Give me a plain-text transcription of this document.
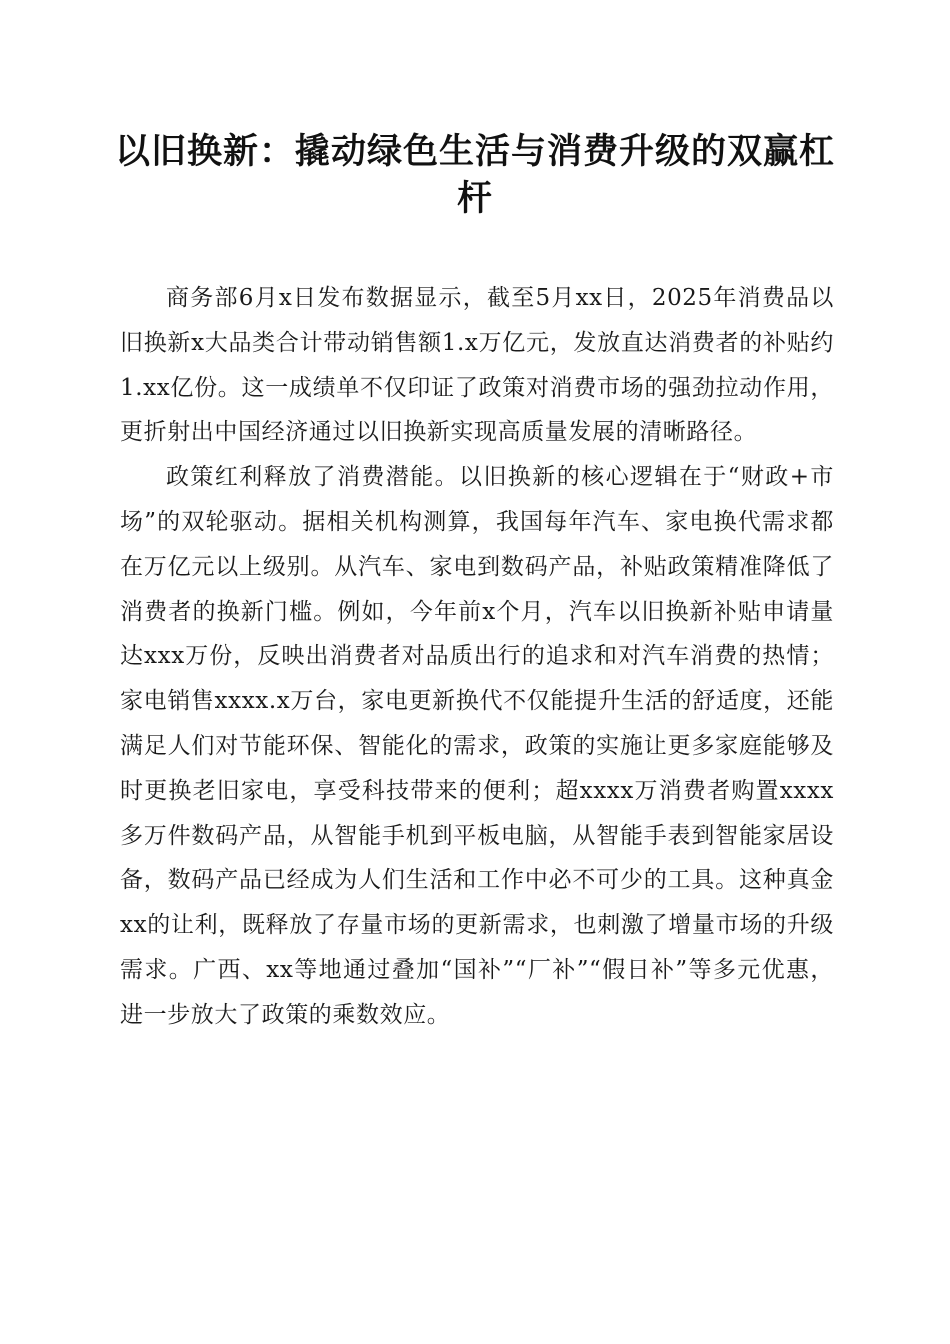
以旧换新：撬动绿色生活与消费升级的双赢杠杆

商务部6月x日发布数据显示，截至5月xx日，2025年消费品以旧换新x大品类合计带动销售额1.x万亿元，发放直达消费者的补贴约1.xx亿份。这一成绩单不仅印证了政策对消费市场的强劲拉动作用，更折射出中国经济通过以旧换新实现高质量发展的清晰路径。

政策红利释放了消费潜能。以旧换新的核心逻辑在于“财政+市场”的双轮驱动。据相关机构测算，我国每年汽车、家电换代需求都在万亿元以上级别。从汽车、家电到数码产品，补贴政策精准降低了消费者的换新门槛。例如，今年前x个月，汽车以旧换新补贴申请量达xxx万份，反映出消费者对品质出行的追求和对汽车消费的热情；家电销售xxxx.x万台，家电更新换代不仅能提升生活的舒适度，还能满足人们对节能环保、智能化的需求，政策的实施让更多家庭能够及时更换老旧家电，享受科技带来的便利；超xxxx万消费者购置xxxx多万件数码产品，从智能手机到平板电脑，从智能手表到智能家居设备，数码产品已经成为人们生活和工作中必不可少的工具。这种真金xx的让利，既释放了存量市场的更新需求，也刺激了增量市场的升级需求。广西、xx等地通过叠加“国补”“厂补”“假日补”等多元优惠，进一步放大了政策的乘数效应。
